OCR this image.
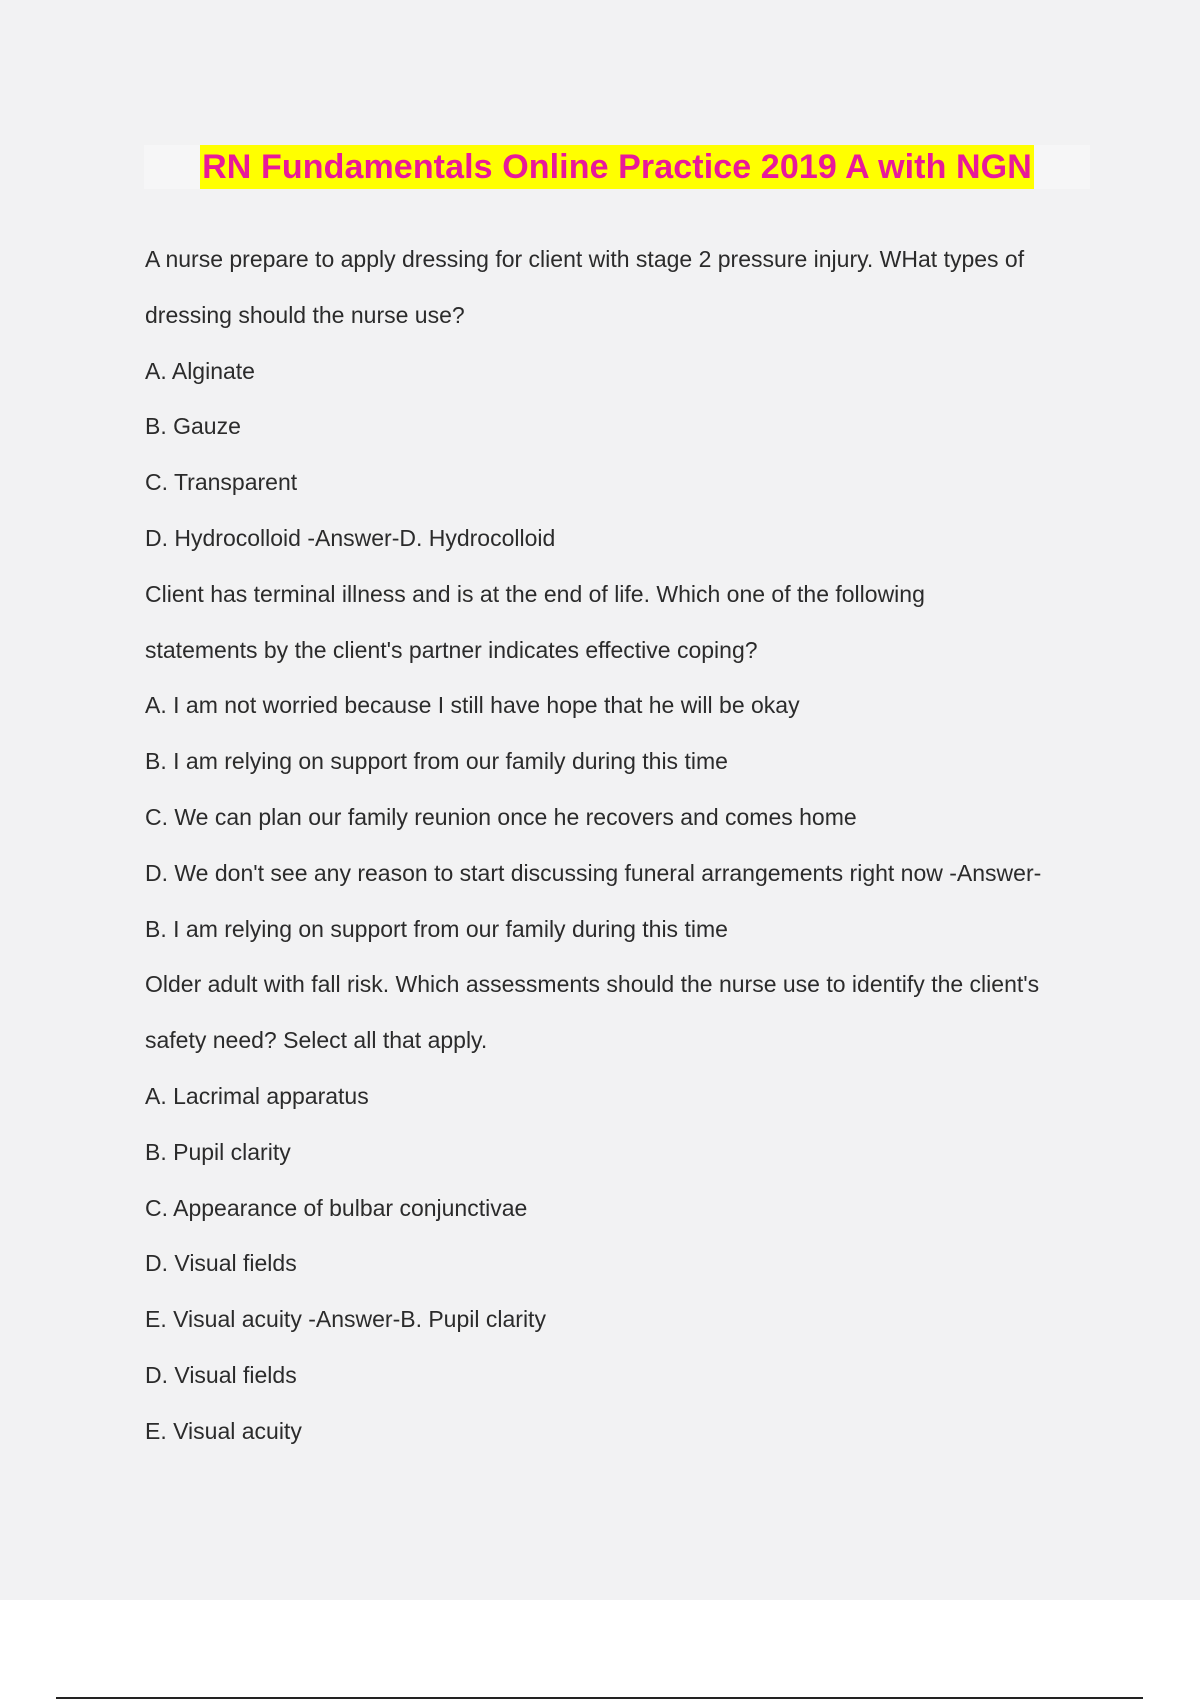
RN Fundamentals Online Practice 2019 A with NGN
A nurse prepare to apply dressing for client with stage 2 pressure injury. WHat types of
dressing should the nurse use?
A. Alginate
B. Gauze
C. Transparent
D. Hydrocolloid -Answer-D. Hydrocolloid
Client has terminal illness and is at the end of life. Which one of the following
statements by the client's partner indicates effective coping?
A. I am not worried because I still have hope that he will be okay
B. I am relying on support from our family during this time
C. We can plan our family reunion once he recovers and comes home
D. We don't see any reason to start discussing funeral arrangements right now -Answer-
B. I am relying on support from our family during this time
Older adult with fall risk. Which assessments should the nurse use to identify the client's
safety need? Select all that apply.
A. Lacrimal apparatus
B. Pupil clarity
C. Appearance of bulbar conjunctivae
D. Visual fields
E. Visual acuity -Answer-B. Pupil clarity
D. Visual fields
E. Visual acuity
